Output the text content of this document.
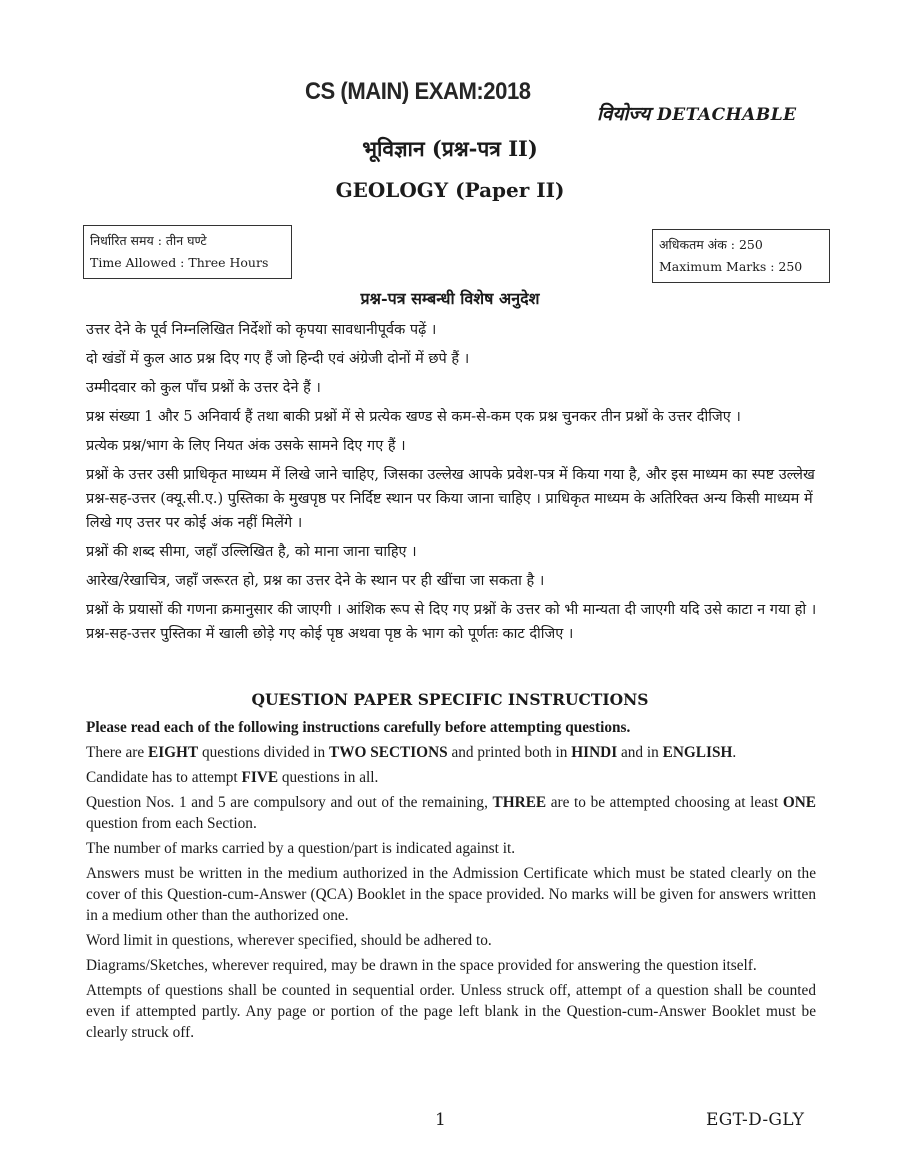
CS (MAIN) EXAM:2018
वियोज्य DETACHABLE
भूविज्ञान (प्रश्न-पत्र II)
GEOLOGY (Paper II)
निर्धारित समय : तीन घण्टे
Time Allowed : Three Hours
अधिकतम अंक : 250
Maximum Marks : 250
प्रश्न-पत्र सम्बन्धी विशेष अनुदेश

उत्तर देने के पूर्व निम्नलिखित निर्देशों को कृपया सावधानीपूर्वक पढ़ें ।

दो खंडों में कुल आठ प्रश्न दिए गए हैं जो हिन्दी एवं अंग्रेजी दोनों में छपे हैं ।

उम्मीदवार को कुल पाँच प्रश्नों के उत्तर देने हैं ।

प्रश्न संख्या 1 और 5 अनिवार्य हैं तथा बाकी प्रश्नों में से प्रत्येक खण्ड से कम-से-कम एक प्रश्न चुनकर तीन प्रश्नों के उत्तर दीजिए ।

प्रत्येक प्रश्न/भाग के लिए नियत अंक उसके सामने दिए गए हैं ।

प्रश्नों के उत्तर उसी प्राधिकृत माध्यम में लिखे जाने चाहिए, जिसका उल्लेख आपके प्रवेश-पत्र में किया गया है, और इस माध्यम का स्पष्ट उल्लेख प्रश्न-सह-उत्तर (क्यू.सी.ए.) पुस्तिका के मुखपृष्ठ पर निर्दिष्ट स्थान पर किया जाना चाहिए । प्राधिकृत माध्यम के अतिरिक्त अन्य किसी माध्यम में लिखे गए उत्तर पर कोई अंक नहीं मिलेंगे ।

प्रश्नों की शब्द सीमा, जहाँ उल्लिखित है, को माना जाना चाहिए ।

आरेख/रेखाचित्र, जहाँ जरूरत हो, प्रश्न का उत्तर देने के स्थान पर ही खींचा जा सकता है ।

प्रश्नों के प्रयासों की गणना क्रमानुसार की जाएगी । आंशिक रूप से दिए गए प्रश्नों के उत्तर को भी मान्यता दी जाएगी यदि उसे काटा न गया हो । प्रश्न-सह-उत्तर पुस्तिका में खाली छोड़े गए कोई पृष्ठ अथवा पृष्ठ के भाग को पूर्णतः काट दीजिए ।

QUESTION PAPER SPECIFIC INSTRUCTIONS

Please read each of the following instructions carefully before attempting questions.

There are EIGHT questions divided in TWO SECTIONS and printed both in HINDI and in ENGLISH.

Candidate has to attempt FIVE questions in all.

Question Nos. 1 and 5 are compulsory and out of the remaining, THREE are to be attempted choosing at least ONE question from each Section.

The number of marks carried by a question/part is indicated against it.

Answers must be written in the medium authorized in the Admission Certificate which must be stated clearly on the cover of this Question-cum-Answer (QCA) Booklet in the space provided. No marks will be given for answers written in a medium other than the authorized one.

Word limit in questions, wherever specified, should be adhered to.

Diagrams/Sketches, wherever required, may be drawn in the space provided for answering the question itself.

Attempts of questions shall be counted in sequential order. Unless struck off, attempt of a question shall be counted even if attempted partly. Any page or portion of the page left blank in the Question-cum-Answer Booklet must be clearly struck off.

1	EGT-D-GLY
